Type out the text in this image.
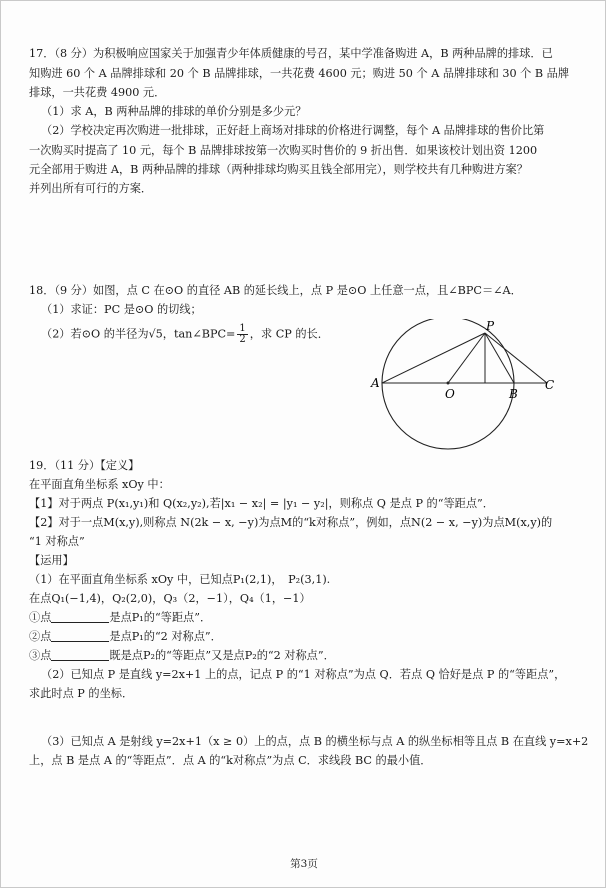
17．（8 分）为积极响应国家关于加强青少年体质健康的号召，某中学准备购进 A，B 两种品牌的排球．已
知购进 60 个 A 品牌排球和 20 个 B 品牌排球，一共花费 4600 元；购进 50 个 A 品牌排球和 30 个 B 品牌
排球，一共花费 4900 元．
（1）求 A，B 两种品牌的排球的单价分别是多少元？
（2）学校决定再次购进一批排球，正好赶上商场对排球的价格进行调整，每个 A 品牌排球的售价比第
一次购买时提高了 10 元，每个 B 品牌排球按第一次购买时售价的 9 折出售．如果该校计划出资 1200
元全部用于购进 A，B 两种品牌的排球（两种排球均购买且钱全部用完），则学校共有几种购进方案？
并列出所有可行的方案．
18．（9 分）如图，点 C 在⊙O 的直径 AB 的延长线上，点 P 是⊙O 上任意一点，且∠BPC＝∠A．
（1）求证：PC 是⊙O 的切线；
（2）若⊙O 的半径为√5，tan∠BPC= $\frac{1}{2}$ ，求 CP 的长．
A
O	B
C
P
19．（11 分）【定义】
在平面直角坐标系 xOy 中：
【1】对于两点 P(x₁,y₁)和 Q(x₂,y₂),若|x₁ − x₂| = |y₁ − y₂|，则称点 Q 是点 P 的“等距点”．
【2】对于一点M(x,y),则称点 N(2k − x, −y)为点M的“k对称点”，例如，点N(2 − x, −y)为点M(x,y)的
“1 对称点”
【运用】
（1）在平面直角坐标系 xOy 中，已知点P₁(2,1)，　P₂(3,1).
在点Q₁(−1,4)，Q₂(2,0)，Q₃（2，−1），Q₄（1，−1）
①点	是点P₁的“等距点”．
②点	是点P₁的“2 对称点”．
③点	既是点P₂的“等距点”又是点P₂的“2 对称点”．
（2）已知点 P 是直线 y=2x+1 上的点，记点 P 的“1 对称点”为点 Q．若点 Q 恰好是点 P 的“等距点”，
求此时点 P 的坐标．
（3）已知点 A 是射线 y=2x+1（x ≥ 0）上的点，点 B 的横坐标与点 A 的纵坐标相等且点 B 在直线 y=x+2
上，点 B 是点 A 的“等距点”．点 A 的“k对称点”为点 C．求线段 BC 的最小值．
第3页
